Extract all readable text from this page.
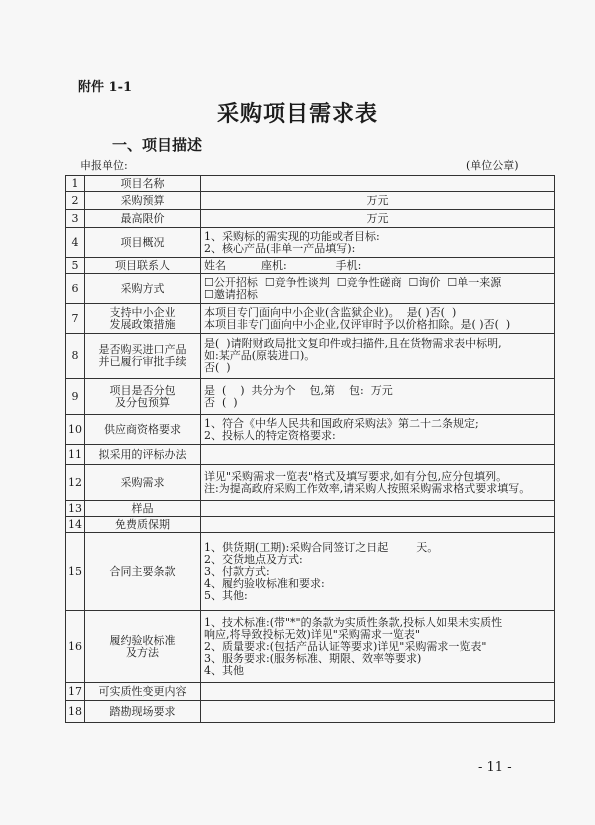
附件 1-1
采购项目需求表
一、项目描述
申报单位:	(单位公章)
1	项目名称	
2	采购预算	万元

3	最高限价	万元

4	项目概况	1、采购标的需实现的功能或者目标:
2、核心产品(非单一产品填写):

5	项目联系人	姓名          座机:              手机:

6	采购方式	☐公开招标  ☐竞争性谈判  ☐竞争性磋商  ☐询价  ☐单一来源
☐邀请招标

7	支持中小企业
发展政策措施	本项目专门面向中小企业(含监狱企业)。  是( )否(  )
本项目非专门面向中小企业,仅评审时予以价格扣除。是( )否(  )

8	是否购买进口产品
并已履行审批手续	是(  )请附财政局批文复印件或扫描件,且在货物需求表中标明,
如:某产品(原装进口)。
否(  )

9	项目是否分包
及分包预算	是  (    )  共分为个    包,第    包:  万元
否  (  )

10	供应商资格要求	1、符合《中华人民共和国政府采购法》第二十二条规定;
2、投标人的特定资格要求:

11	拟采用的评标办法	
12	采购需求	详见"采购需求一览表"格式及填写要求,如有分包,应分包填列。
注:为提高政府采购工作效率,请采购人按照采购需求格式要求填写。

13	样品	
14	免费质保期	
15	合同主要条款	1、供货期(工期):采购合同签订之日起        天。
2、交货地点及方式:
3、付款方式:
4、履约验收标准和要求:
5、其他:

16	履约验收标准
及方法	1、技术标准:(带"*"的条款为实质性条款,投标人如果未实质性
响应,将导致投标无效)详见"采购需求一览表"
2、质量要求:(包括产品认证等要求)详见"采购需求一览表"
3、服务要求:(服务标准、期限、效率等要求)
4、其他

17	可实质性变更内容	
18	踏勘现场要求	
- 11 -
